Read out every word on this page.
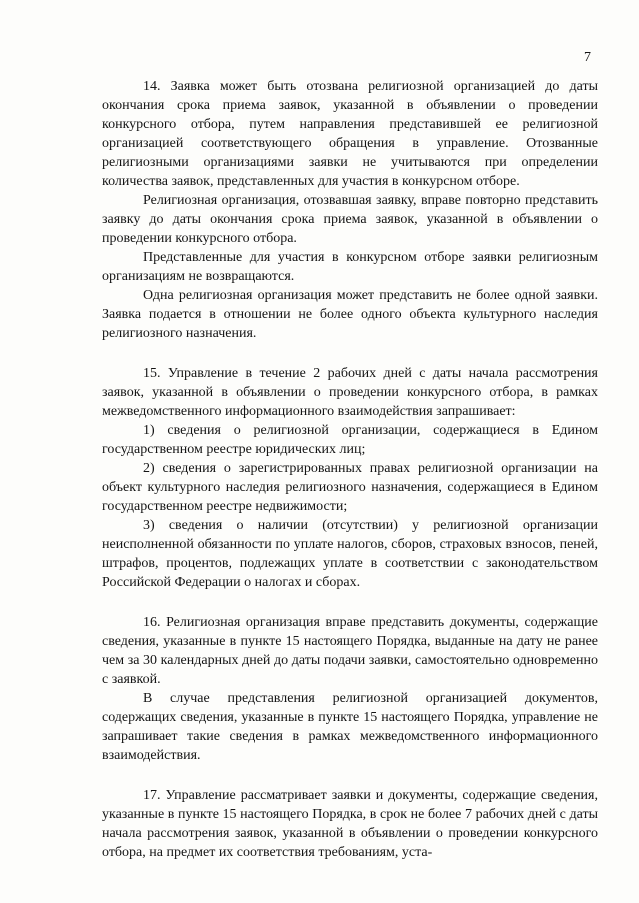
7

14. Заявка может быть отозвана религиозной организацией до даты окончания срока приема заявок, указанной в объявлении о проведении конкурсного отбора, путем направления представившей ее религиозной организацией соответствующего обращения в управление. Отозванные религиозными организациями заявки не учитываются при определении количества заявок, представленных для участия в конкурсном отборе.

Религиозная организация, отозвавшая заявку, вправе повторно представить заявку до даты окончания срока приема заявок, указанной в объявлении о проведении конкурсного отбора.

Представленные для участия в конкурсном отборе заявки религиозным организациям не возвращаются.

Одна религиозная организация может представить не более одной заявки. Заявка подается в отношении не более одного объекта культурного наследия религиозного назначения.

15. Управление в течение 2 рабочих дней с даты начала рассмотрения заявок, указанной в объявлении о проведении конкурсного отбора, в рамках межведомственного информационного взаимодействия запрашивает:

1) сведения о религиозной организации, содержащиеся в Едином государственном реестре юридических лиц;

2) сведения о зарегистрированных правах религиозной организации на объект культурного наследия религиозного назначения, содержащиеся в Едином государственном реестре недвижимости;

3) сведения о наличии (отсутствии) у религиозной организации неисполненной обязанности по уплате налогов, сборов, страховых взносов, пеней, штрафов, процентов, подлежащих уплате в соответствии с законодательством Российской Федерации о налогах и сборах.

16. Религиозная организация вправе представить документы, содержащие сведения, указанные в пункте 15 настоящего Порядка, выданные на дату не ранее чем за 30 календарных дней до даты подачи заявки, самостоятельно одновременно с заявкой.

В случае представления религиозной организацией документов, содержащих сведения, указанные в пункте 15 настоящего Порядка, управление не запрашивает такие сведения в рамках межведомственного информационного взаимодействия.

17. Управление рассматривает заявки и документы, содержащие сведения, указанные в пункте 15 настоящего Порядка, в срок не более 7 рабочих дней с даты начала рассмотрения заявок, указанной в объявлении о проведении конкурсного отбора, на предмет их соответствия требованиям, уста-
